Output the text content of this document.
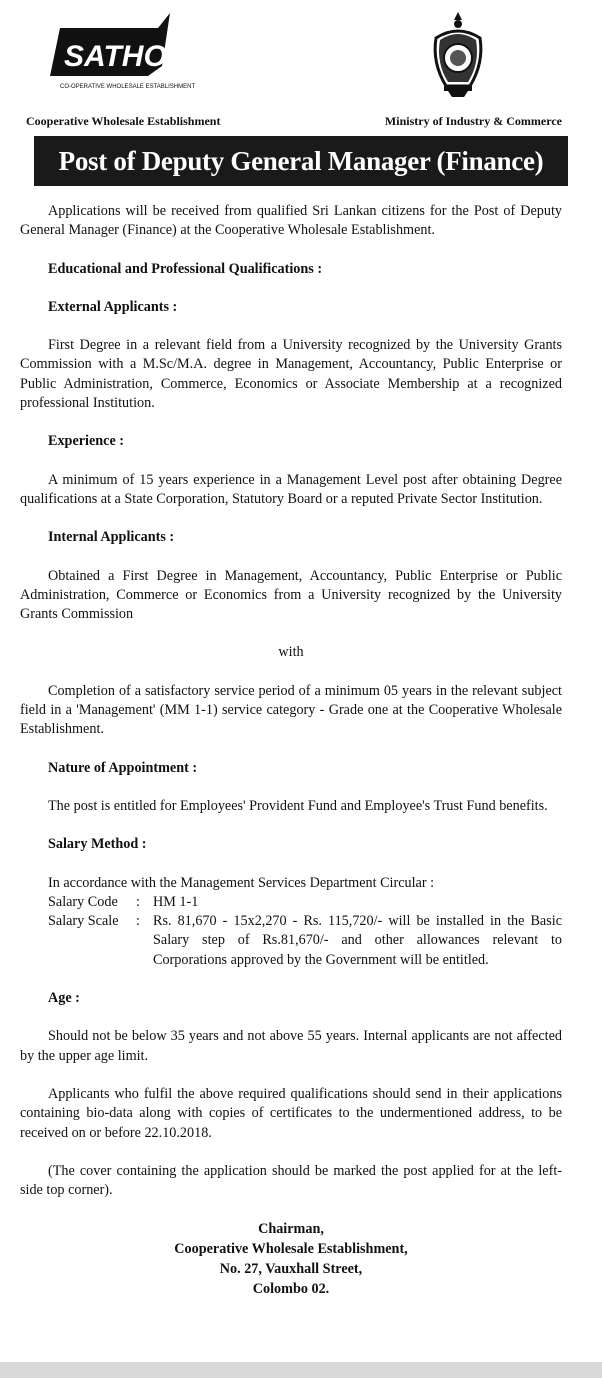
SATHOSA
CO-OPERATIVE WHOLESALE ESTABLISHMENT
Cooperative Wholesale Establishment	Ministry of Industry & Commerce
Post of Deputy General Manager (Finance)

Applications will be received from qualified Sri Lankan citizens for the Post of Deputy General Manager (Finance) at the Cooperative Wholesale Establishment.

Educational and Professional Qualifications :
External Applicants :

First Degree in a relevant field from a University recognized by the University Grants Commission with a M.Sc/M.A. degree in Management, Accountancy, Public Enterprise or Public Administration, Commerce, Economics or Associate Membership at a recognized professional Institution.

Experience :

A minimum of 15 years experience in a Management Level post after obtaining Degree qualifications at a State Corporation, Statutory Board or a reputed Private Sector Institution.

Internal Applicants :

Obtained a First Degree in Management, Accountancy, Public Enterprise or Public Administration, Commerce or Economics from a University recognized by the University Grants Commission

with

Completion of a satisfactory service period of a minimum 05 years in the relevant subject field in a 'Management' (MM 1-1) service category - Grade one at the Cooperative Wholesale Establishment.

Nature of Appointment :

The post is entitled for Employees' Provident Fund and Employee's Trust Fund benefits.

Salary Method :
In accordance with the Management Services Department Circular :
Salary Code	: HM 1-1
Salary Scale	: Rs. 81,670 - 15x2,270 - Rs. 115,720/- will be installed in the Basic Salary step of Rs.81,670/- and other allowances relevant to Corporations approved by the Government will be entitled.
Age :

Should not be below 35 years and not above 55 years. Internal applicants are not affected by the upper age limit.

Applicants who fulfil the above required qualifications should send in their applications containing bio-data along with copies of certificates to the undermentioned address, to be received on or before 22.10.2018.

(The cover containing the application should be marked the post applied for at the left-side top corner).

Chairman,
Cooperative Wholesale Establishment,
No. 27, Vauxhall Street,
Colombo 02.
